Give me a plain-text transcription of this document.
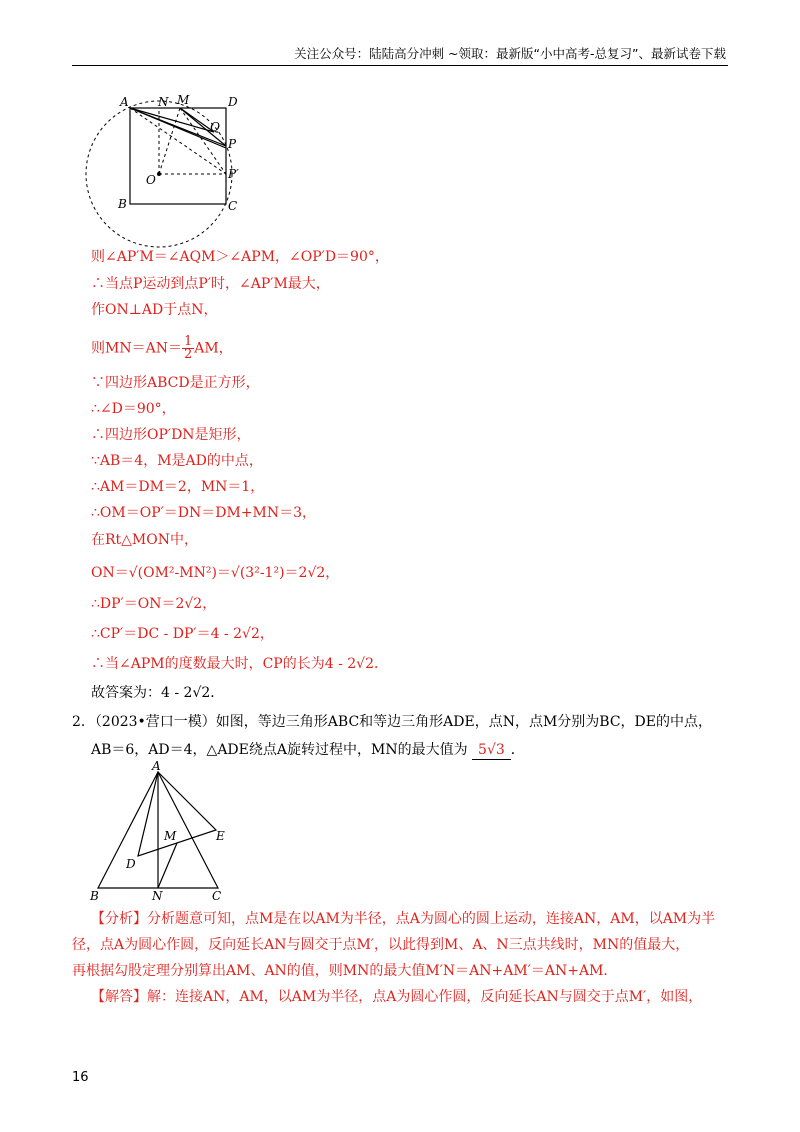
关注公众号：陆陆高分冲刺 ~领取：最新版“小中高考-总复习”、最新试卷下载
A N M	D
Q
P
P′
O
B	C
则∠AP′M＝∠AQM＞∠APM，∠OP′D＝90°，
∴当点P运动到点P′时，∠AP′M最大，
作ON⊥AD于点N，
则$MN=AN= \frac{1}{2}$ AM，
∵四边形ABCD是正方形，
∴∠D＝90°，
∴四边形OP′DN是矩形，
∵AB＝4，M是AD的中点，
∴AM＝DM＝2，MN＝1，
∴OM＝OP′＝DN＝DM+MN＝3，
在Rt△MON中，
ON＝√(OM²-MN²)＝√(3²-1²)＝2√2，
∴DP′＝ON＝2√2，
∴CP′＝DC - DP′＝4 - 2√2，
∴当∠APM的度数最大时，CP的长为4 - 2√2．
故答案为：4 - 2√2．
2．（2023•营口一模）如图，等边三角形ABC和等边三角形ADE，点N，点M分别为BC，DE的中点，
AB＝6，AD＝4，△ADE绕点A旋转过程中，MN的最大值为 5√3 ．
A
E
M
D
B	N	C
【分析】分析题意可知，点M是在以AM为半径，点A为圆心的圆上运动，连接AN，AM，以AM为半
径，点A为圆心作圆，反向延长AN与圆交于点M′，以此得到M、A、N三点共线时，MN的值最大，
再根据勾股定理分别算出AM、AN的值，则MN的最大值M′N＝AN+AM′＝AN+AM．
【解答】解：连接AN，AM，以AM为半径，点A为圆心作圆，反向延长AN与圆交于点M′，如图，
16
